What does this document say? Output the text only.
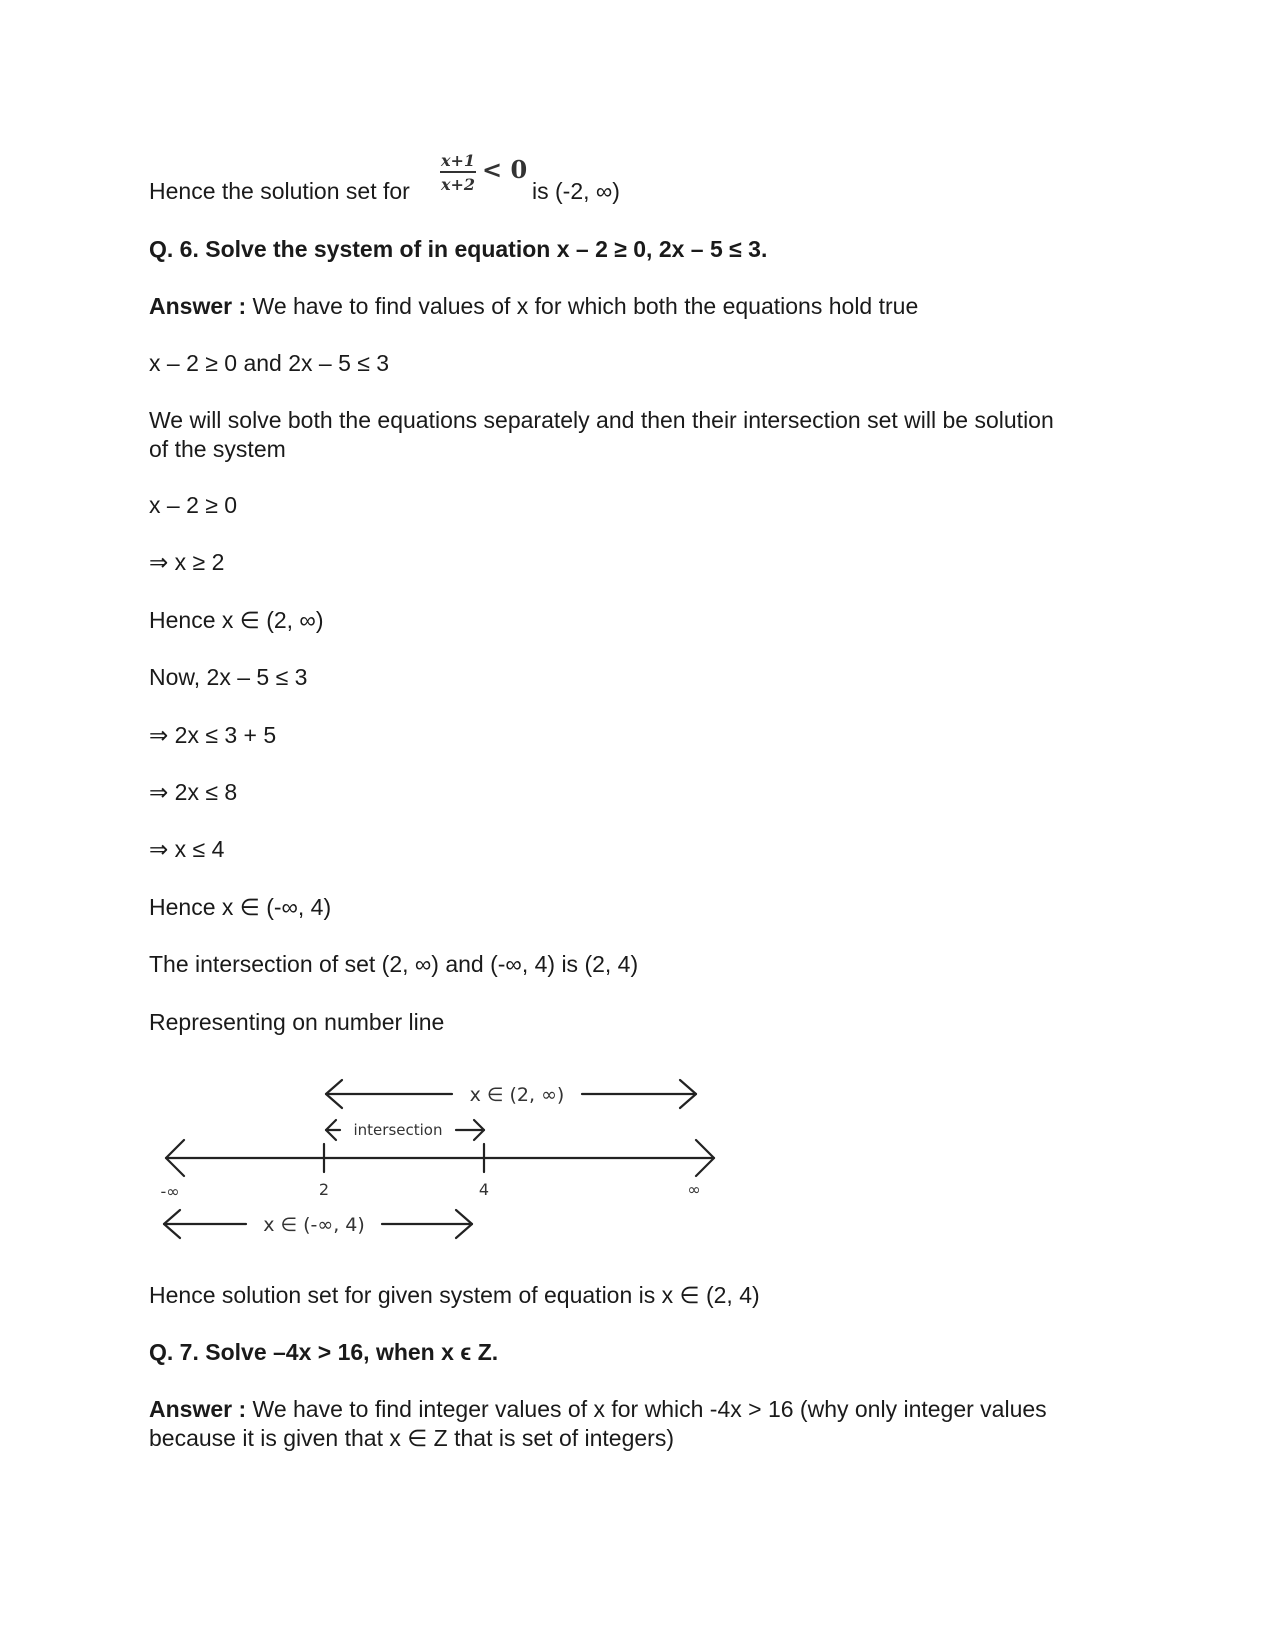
x+1
x+2
< 0
Hence the solution set for	is (-2, ∞)
Q. 6. Solve the system of in equation x – 2 ≥ 0, 2x – 5 ≤ 3.
Answer : We have to find values of x for which both the equations hold true
x – 2 ≥ 0 and 2x – 5 ≤ 3
We will solve both the equations separately and then their intersection set will be solution of the system
x – 2 ≥ 0
⇒ x ≥ 2
Hence x ∈ (2, ∞)
Now, 2x – 5 ≤ 3
⇒ 2x ≤ 3 + 5
⇒ 2x ≤ 8
⇒ x ≤ 4
Hence x ∈ (-∞, 4)
The intersection of set (2, ∞) and (-∞, 4) is (2, 4)
Representing on number line
x ∈ (2, ∞)
intersection
-∞	2	4	∞
x ∈ (-∞, 4)
Hence solution set for given system of equation is x ∈ (2, 4)
Q. 7. Solve –4x > 16, when x ϵ Z.
Answer : We have to find integer values of x for which -4x > 16 (why only integer values because it is given that x ∈ Z that is set of integers)
